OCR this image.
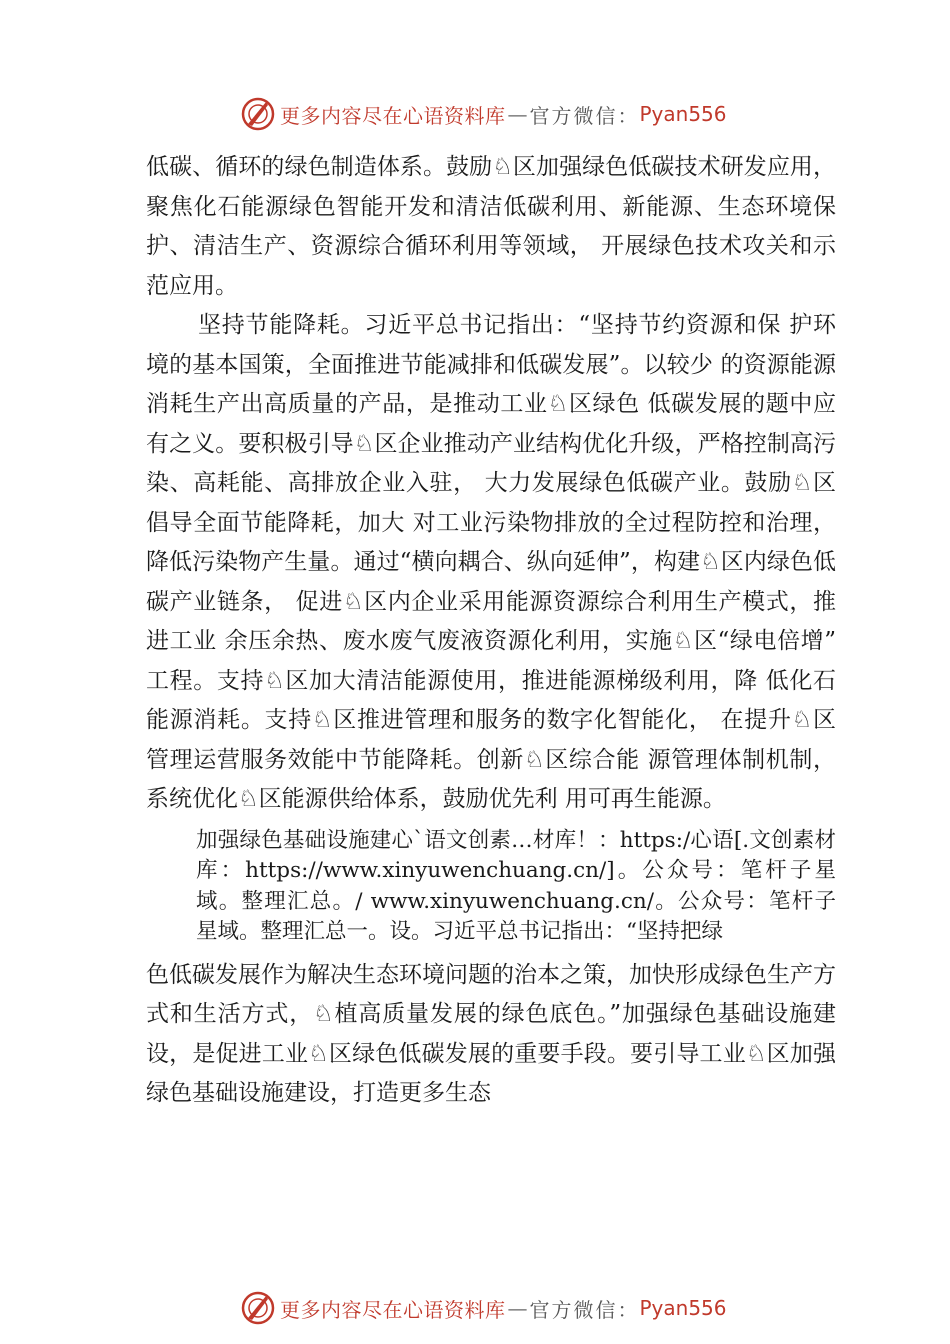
更多内容尽在心语资料库 — 官方微信： Pyan556

低碳、循环的绿色制造体系。鼓励♘区加强绿色低碳技术研发应用，聚焦化石能源绿色智能开发和清洁低碳利用、新能源、生态环境保护、清洁生产、资源综合循环利用等领域， 开展绿色技术攻关和示范应用。

坚持节能降耗。习近平总书记指出：“坚持节约资源和保 护环境的基本国策，全面推进节能减排和低碳发展”。以较少 的资源能源消耗生产出高质量的产品，是推动工业♘区绿色 低碳发展的题中应有之义。要积极引导♘区企业推动产业结构优化升级，严格控制高污染、高耗能、高排放企业入驻， 大力发展绿色低碳产业。鼓励♘区倡导全面节能降耗，加大 对工业污染物排放的全过程防控和治理，降低污染物产生量。通过“横向耦合、纵向延伸”，构建♘区内绿色低碳产业链条， 促进♘区内企业采用能源资源综合利用生产模式，推进工业 余压余热、废水废气废液资源化利用，实施♘区“绿电倍增” 工程。支持♘区加大清洁能源使用，推进能源梯级利用，降 低化石能源消耗。支持♘区推进管理和服务的数字化智能化， 在提升♘区管理运营服务效能中节能降耗。创新♘区综合能 源管理体制机制，系统优化♘区能源供给体系，鼓励优先利 用可再生能源。

加强绿色基础设施建心`语文创素…材库！：https:/心语[.文创素材库：https://www.xinyuwenchuang.cn/]。公众号：笔杆子星域。整理汇总。/ www.xinyuwenchuang.cn/。公众号：笔杆子星域。整理汇总一。设。习近平总书记指出：“坚持把绿

色低碳发展作为解决生态环境问题的治本之策，加快形成绿色生产方式和生活方式，♘植高质量发展的绿色底色。”加强绿色基础设施建设，是促进工业♘区绿色低碳发展的重要手段。要引导工业♘区加强绿色基础设施建设，打造更多生态

更多内容尽在心语资料库 — 官方微信： Pyan556
